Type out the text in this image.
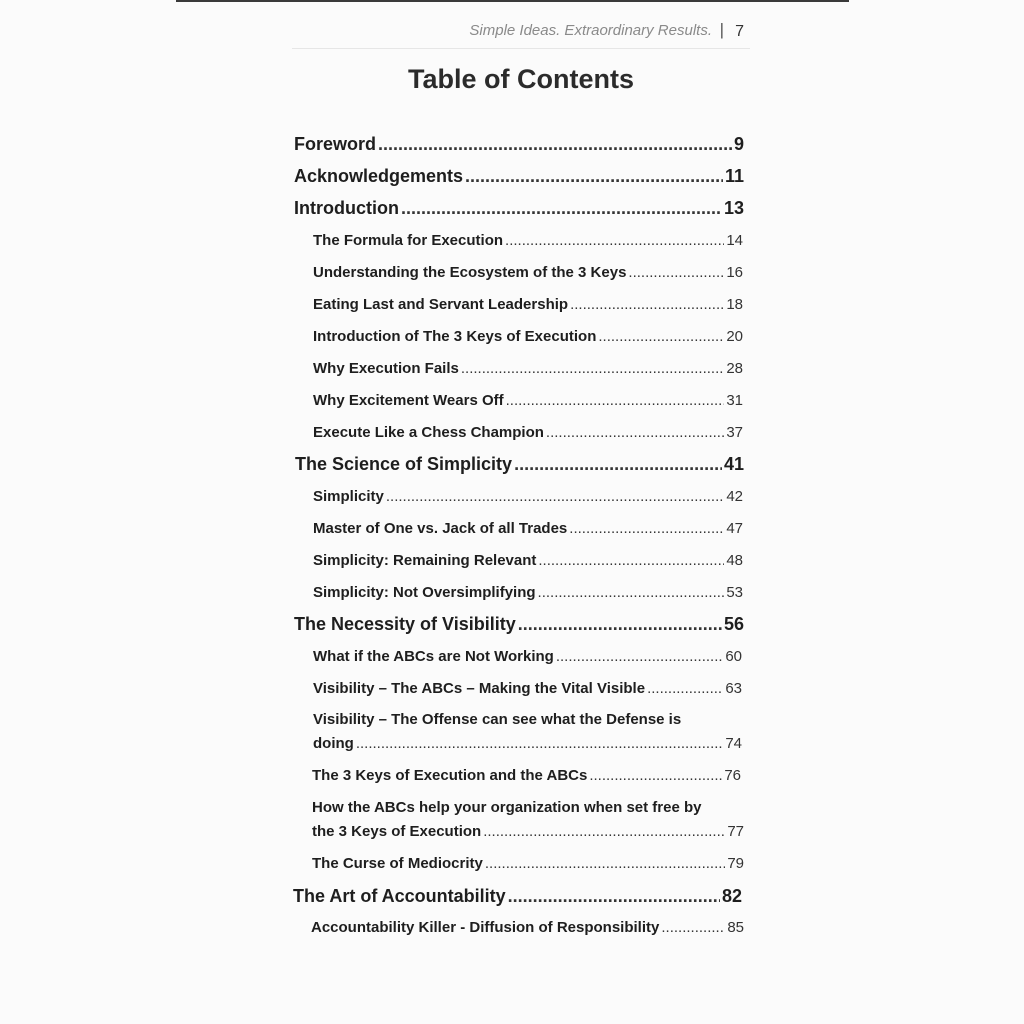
Simple Ideas. Extraordinary Results. | 7
Table of Contents
Foreword .....	9
Acknowledgements .....	11
Introduction .....	13
The Formula for Execution .....	14
Understanding the Ecosystem of the 3 Keys .....	16
Eating Last and Servant Leadership .....	18
Introduction of The 3 Keys of Execution .....	20
Why Execution Fails .....	28
Why Excitement Wears Off .....	31
Execute Like a Chess Champion .....	37
The Science of Simplicity .....	41
Simplicity .....	42
Master of One vs. Jack of all Trades .....	47
Simplicity: Remaining Relevant .....	48
Simplicity: Not Oversimplifying .....	53
The Necessity of Visibility .....	56
What if the ABCs are Not Working .....	60
Visibility – The ABCs – Making the Vital Visible .....	63
Visibility – The Offense can see what the Defense is
doing .....	74
The 3 Keys of Execution and the ABCs .....	76
How the ABCs help your organization when set free by
the 3 Keys of Execution .....	77
The Curse of Mediocrity .....	79
The Art of Accountability .....	82
Accountability Killer - Diffusion of Responsibility .....	85
